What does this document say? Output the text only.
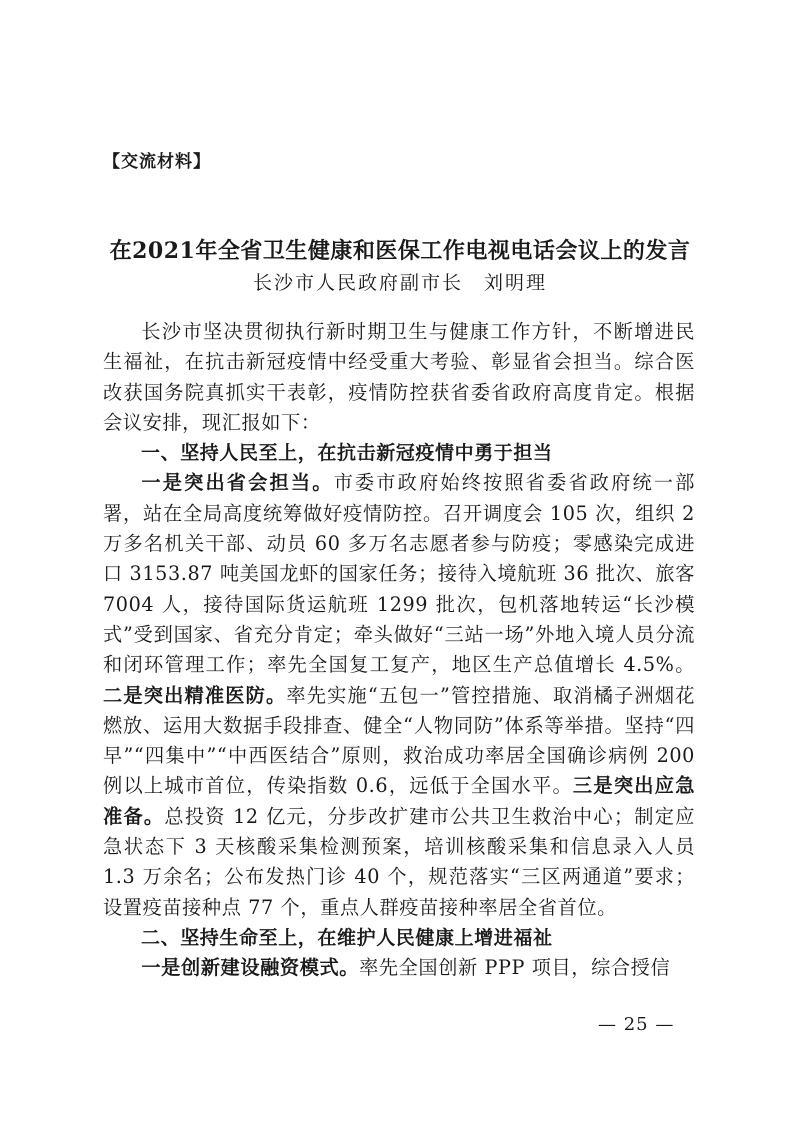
【交流材料】
在2021年全省卫生健康和医保工作电视电话会议上的发言
长沙市人民政府副市长　刘明理

长沙市坚决贯彻执行新时期卫生与健康工作方针，不断增进民生福祉，在抗击新冠疫情中经受重大考验、彰显省会担当。综合医改获国务院真抓实干表彰，疫情防控获省委省政府高度肯定。根据会议安排，现汇报如下：

一、坚持人民至上，在抗击新冠疫情中勇于担当

一是突出省会担当。市委市政府始终按照省委省政府统一部署，站在全局高度统筹做好疫情防控。召开调度会 105 次，组织 2 万多名机关干部、动员 60 多万名志愿者参与防疫；零感染完成进口 3153.87 吨美国龙虾的国家任务；接待入境航班 36 批次、旅客 7004 人，接待国际货运航班 1299 批次，包机落地转运“长沙模式”受到国家、省充分肯定；牵头做好“三站一场”外地入境人员分流和闭环管理工作；率先全国复工复产，地区生产总值增长 4.5%。二是突出精准医防。率先实施“五包一”管控措施、取消橘子洲烟花燃放、运用大数据手段排查、健全“人物同防”体系等举措。坚持“四早”“四集中”“中西医结合”原则，救治成功率居全国确诊病例 200 例以上城市首位，传染指数 0.6，远低于全国水平。三是突出应急准备。总投资 12 亿元，分步改扩建市公共卫生救治中心；制定应急状态下 3 天核酸采集检测预案，培训核酸采集和信息录入人员 1.3 万余名；公布发热门诊 40 个，规范落实“三区两通道”要求；设置疫苗接种点 77 个，重点人群疫苗接种率居全省首位。

二、坚持生命至上，在维护人民健康上增进福祉

一是创新建设融资模式。率先全国创新 PPP 项目，综合授信

— 25 —
